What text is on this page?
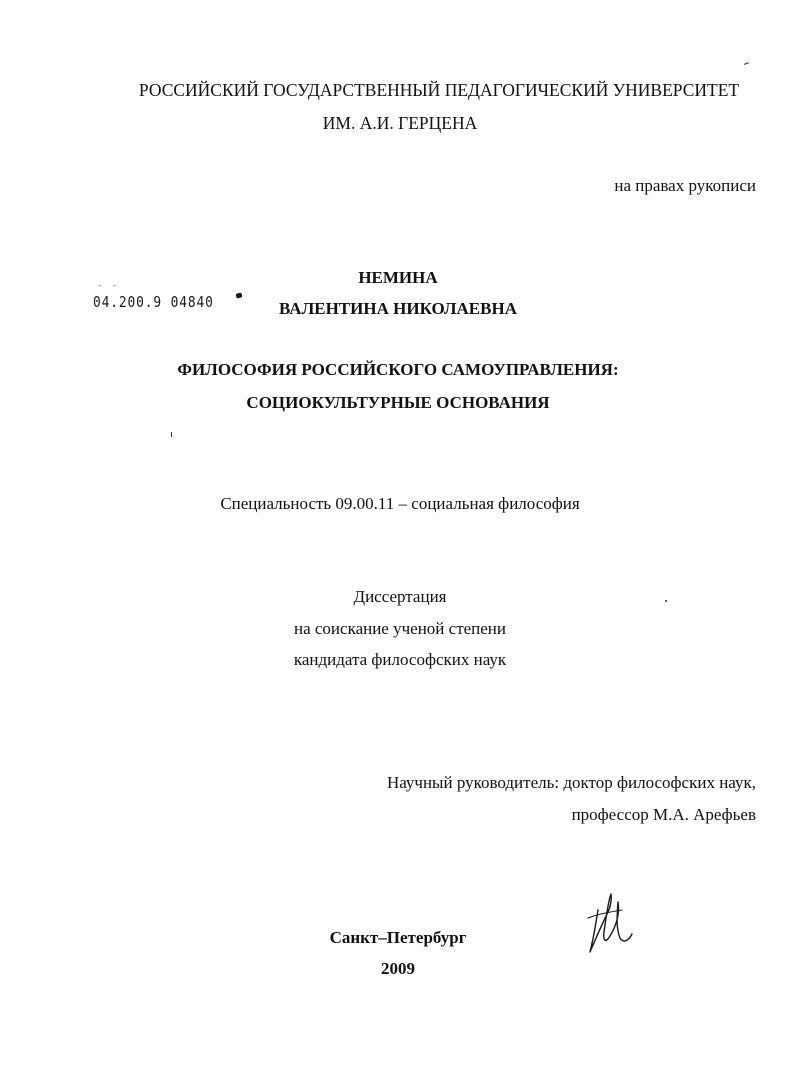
РОССИЙСКИЙ ГОСУДАРСТВЕННЫЙ ПЕДАГОГИЧЕСКИЙ УНИВЕРСИТЕТ
ИМ. А.И. ГЕРЦЕНА
на правах рукописи
- -
04.200.9 04840
НЕМИНА
ВАЛЕНТИНА НИКОЛАЕВНА
ФИЛОСОФИЯ РОССИЙСКОГО САМОУПРАВЛЕНИЯ:
СОЦИОКУЛЬТУРНЫЕ ОСНОВАНИЯ
Специальность 09.00.11 – социальная философия
Диссертация
на соискание ученой степени
кандидата философских наук
Научный руководитель: доктор философских наук,
профессор М.А. Арефьев
Санкт–Петербург
2009
